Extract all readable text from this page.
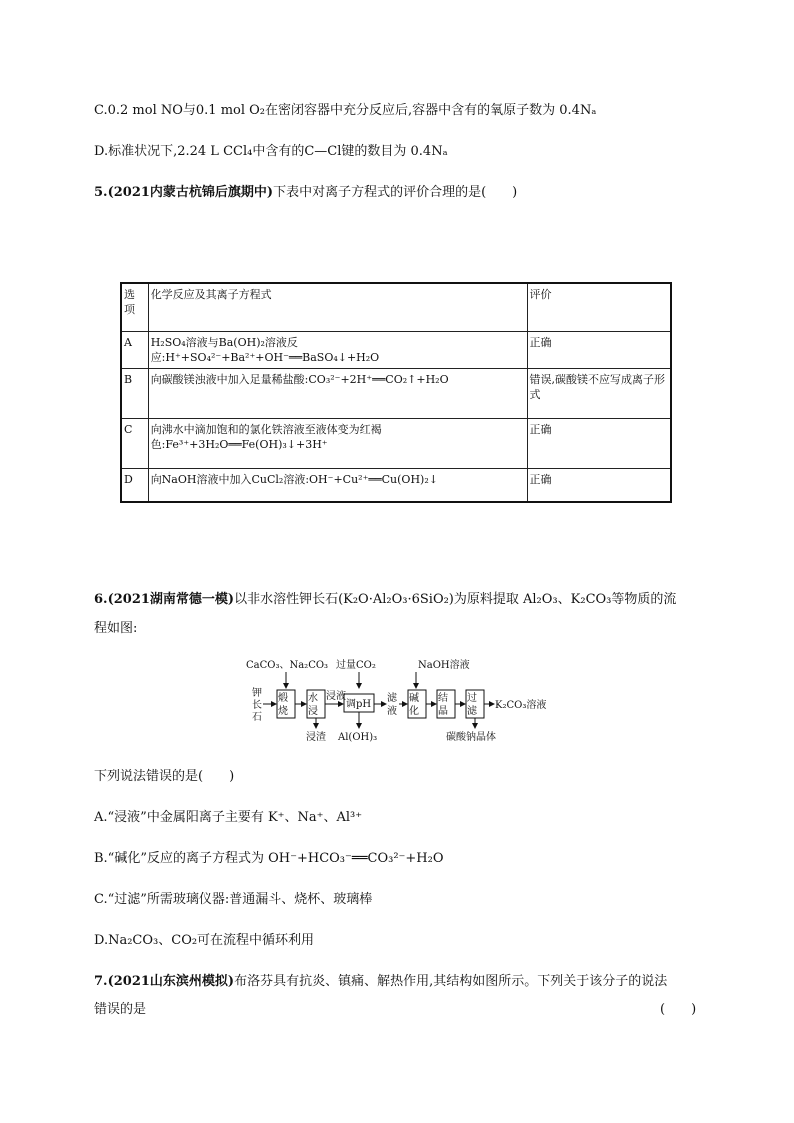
C.0.2 mol NO与0.1 mol O₂在密闭容器中充分反应后,容器中含有的氧原子数为 0.4Nₐ
D.标准状况下,2.24 L CCl₄中含有的C—Cl键的数目为 0.4Nₐ
5.(2021内蒙古杭锦后旗期中)下表中对离子方程式的评价合理的是(　　)
选项	化学反应及其离子方程式	评价
A	H₂SO₄溶液与Ba(OH)₂溶液反应:H⁺+SO₄²⁻+Ba²⁺+OH⁻══BaSO₄↓+H₂O	正确
B	向碳酸镁浊液中加入足量稀盐酸:CO₃²⁻+2H⁺══CO₂↑+H₂O	错误,碳酸镁不应写成离子形式
C	向沸水中滴加饱和的氯化铁溶液至液体变为红褐色:Fe³⁺+3H₂O══Fe(OH)₃↓+3H⁺	正确
D	向NaOH溶液中加入CuCl₂溶液:OH⁻+Cu²⁺══Cu(OH)₂↓	正确
6.(2021湖南常德一模)以非水溶性钾长石(K₂O·Al₂O₃·6SiO₂)为原料提取 Al₂O₃、K₂CO₃等物质的流
程如图:
CaCO₃、Na₂CO₃ 过量CO₂	NaOH溶液
钾
长
石
煅
烧
水
浸
浸液
调pH
滤
液
碱
化
结
晶
过
滤
K₂CO₃溶液
浸渣 Al(OH)₃	碳酸钠晶体
下列说法错误的是(　　)
A.“浸液”中金属阳离子主要有 K⁺、Na⁺、Al³⁺
B.“碱化”反应的离子方程式为 OH⁻+HCO₃⁻══CO₃²⁻+H₂O
C.“过滤”所需玻璃仪器:普通漏斗、烧杯、玻璃棒
D.Na₂CO₃、CO₂可在流程中循环利用
7.(2021山东滨州模拟)布洛芬具有抗炎、镇痛、解热作用,其结构如图所示。下列关于该分子的说法
错误的是	(　　)
